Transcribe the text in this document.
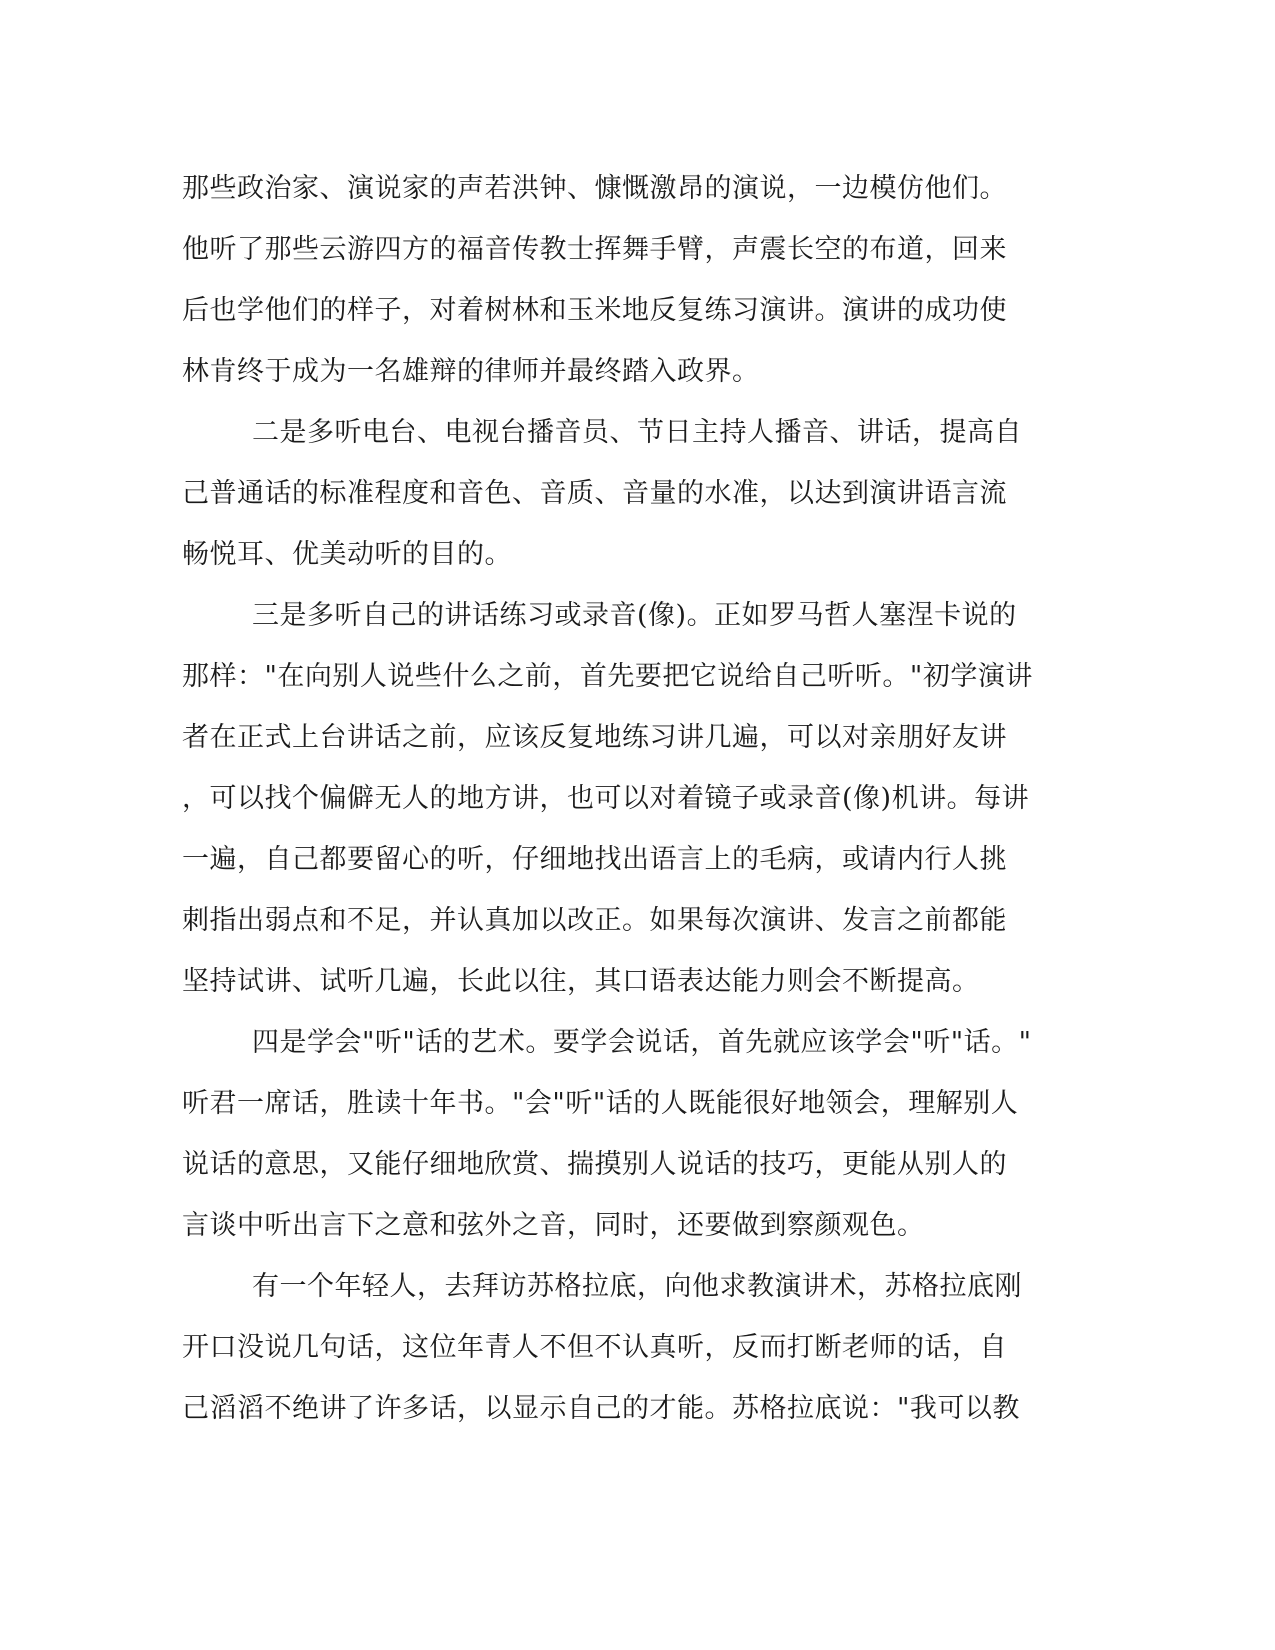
那些政治家、演说家的声若洪钟、慷慨激昂的演说，一边模仿他们。
他听了那些云游四方的福音传教士挥舞手臂，声震长空的布道，回来
后也学他们的样子，对着树林和玉米地反复练习演讲。演讲的成功使
林肯终于成为一名雄辩的律师并最终踏入政界。
二是多听电台、电视台播音员、节日主持人播音、讲话，提高自
己普通话的标准程度和音色、音质、音量的水准，以达到演讲语言流
畅悦耳、优美动听的目的。
三是多听自己的讲话练习或录音(像)。正如罗马哲人塞涅卡说的
那样："在向别人说些什么之前，首先要把它说给自己听听。"初学演讲
者在正式上台讲话之前，应该反复地练习讲几遍，可以对亲朋好友讲
，可以找个偏僻无人的地方讲，也可以对着镜子或录音(像)机讲。每讲
一遍，自己都要留心的听，仔细地找出语言上的毛病，或请内行人挑
刺指出弱点和不足，并认真加以改正。如果每次演讲、发言之前都能
坚持试讲、试听几遍，长此以往，其口语表达能力则会不断提高。
四是学会"听"话的艺术。要学会说话，首先就应该学会"听"话。"
听君一席话，胜读十年书。"会"听"话的人既能很好地领会，理解别人
说话的意思，又能仔细地欣赏、揣摸别人说话的技巧，更能从别人的
言谈中听出言下之意和弦外之音，同时，还要做到察颜观色。
有一个年轻人，去拜访苏格拉底，向他求教演讲术，苏格拉底刚
开口没说几句话，这位年青人不但不认真听，反而打断老师的话，自
己滔滔不绝讲了许多话，以显示自己的才能。苏格拉底说："我可以教
